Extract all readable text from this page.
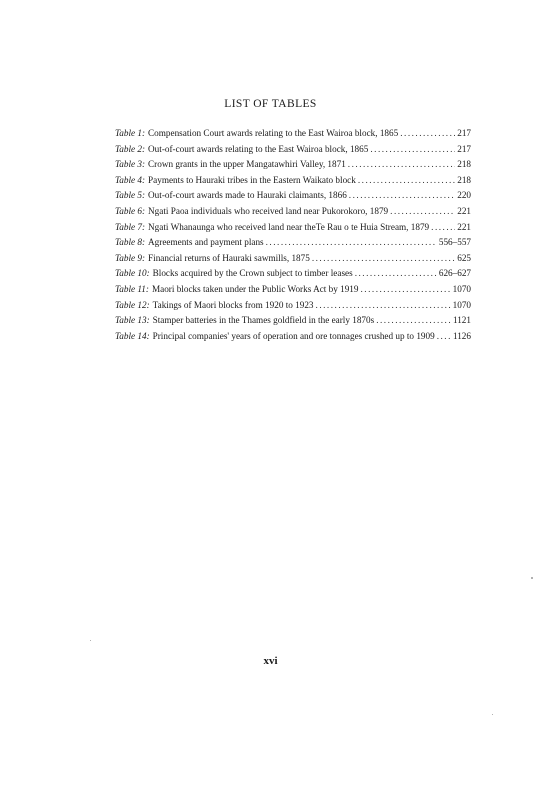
LIST OF TABLES
Table 1: Compensation Court awards relating to the East Wairoa block, 1865 .....	217
Table 2: Out-of-court awards relating to the East Wairoa block, 1865 .....	217
Table 3: Crown grants in the upper Mangatawhiri Valley, 1871 .....	218
Table 4: Payments to Hauraki tribes in the Eastern Waikato block .....	218
Table 5: Out-of-court awards made to Hauraki claimants, 1866 .....	220
Table 6: Ngati Paoa individuals who received land near Pukorokoro, 1879 .....	221
Table 7: Ngati Whanaunga who received land near theTe Rau o te Huia Stream, 1879 .....	221
Table 8: Agreements and payment plans .....	556–557
Table 9: Financial returns of Hauraki sawmills, 1875 .....	625
Table 10: Blocks acquired by the Crown subject to timber leases .....	626–627
Table 11: Maori blocks taken under the Public Works Act by 1919 .....	1070
Table 12: Takings of Maori blocks from 1920 to 1923 .....	1070
Table 13: Stamper batteries in the Thames goldfield in the early 1870s .....	1121
Table 14: Principal companies' years of operation and ore tonnages crushed up to 1909 ..... 1126
xvi
